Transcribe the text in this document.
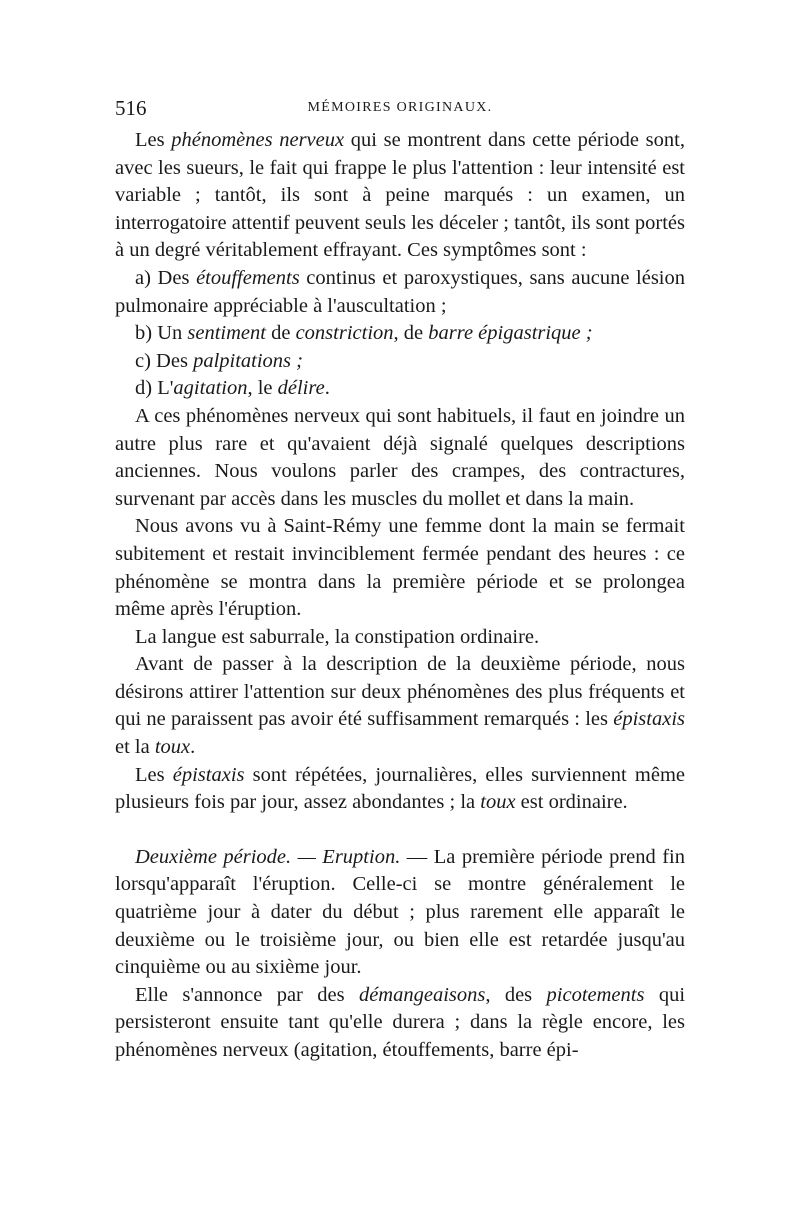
516	MÉMOIRES ORIGINAUX.

Les phénomènes nerveux qui se montrent dans cette période sont, avec les sueurs, le fait qui frappe le plus l'attention : leur intensité est variable ; tantôt, ils sont à peine marqués : un examen, un interrogatoire attentif peuvent seuls les déceler ; tantôt, ils sont portés à un degré véritablement effrayant. Ces symptômes sont :

a) Des étouffements continus et paroxystiques, sans aucune lésion pulmonaire appréciable à l'auscultation ;

b) Un sentiment de constriction, de barre épigastrique ;

c) Des palpitations ;

d) L'agitation, le délire.

A ces phénomènes nerveux qui sont habituels, il faut en joindre un autre plus rare et qu'avaient déjà signalé quelques descriptions anciennes. Nous voulons parler des crampes, des contractures, survenant par accès dans les muscles du mollet et dans la main.

Nous avons vu à Saint-Rémy une femme dont la main se fermait subitement et restait invinciblement fermée pendant des heures : ce phénomène se montra dans la première période et se prolongea même après l'éruption.

La langue est saburrale, la constipation ordinaire.

Avant de passer à la description de la deuxième période, nous désirons attirer l'attention sur deux phénomènes des plus fréquents et qui ne paraissent pas avoir été suffisamment remarqués : les épistaxis et la toux.

Les épistaxis sont répétées, journalières, elles surviennent même plusieurs fois par jour, assez abondantes ; la toux est ordinaire.

Deuxième période. — Eruption. — La première période prend fin lorsqu'apparaît l'éruption. Celle-ci se montre généralement le quatrième jour à dater du début ; plus rarement elle apparaît le deuxième ou le troisième jour, ou bien elle est retardée jusqu'au cinquième ou au sixième jour.

Elle s'annonce par des démangeaisons, des picotements qui persisteront ensuite tant qu'elle durera ; dans la règle encore, les phénomènes nerveux (agitation, étouffements, barre épi-
